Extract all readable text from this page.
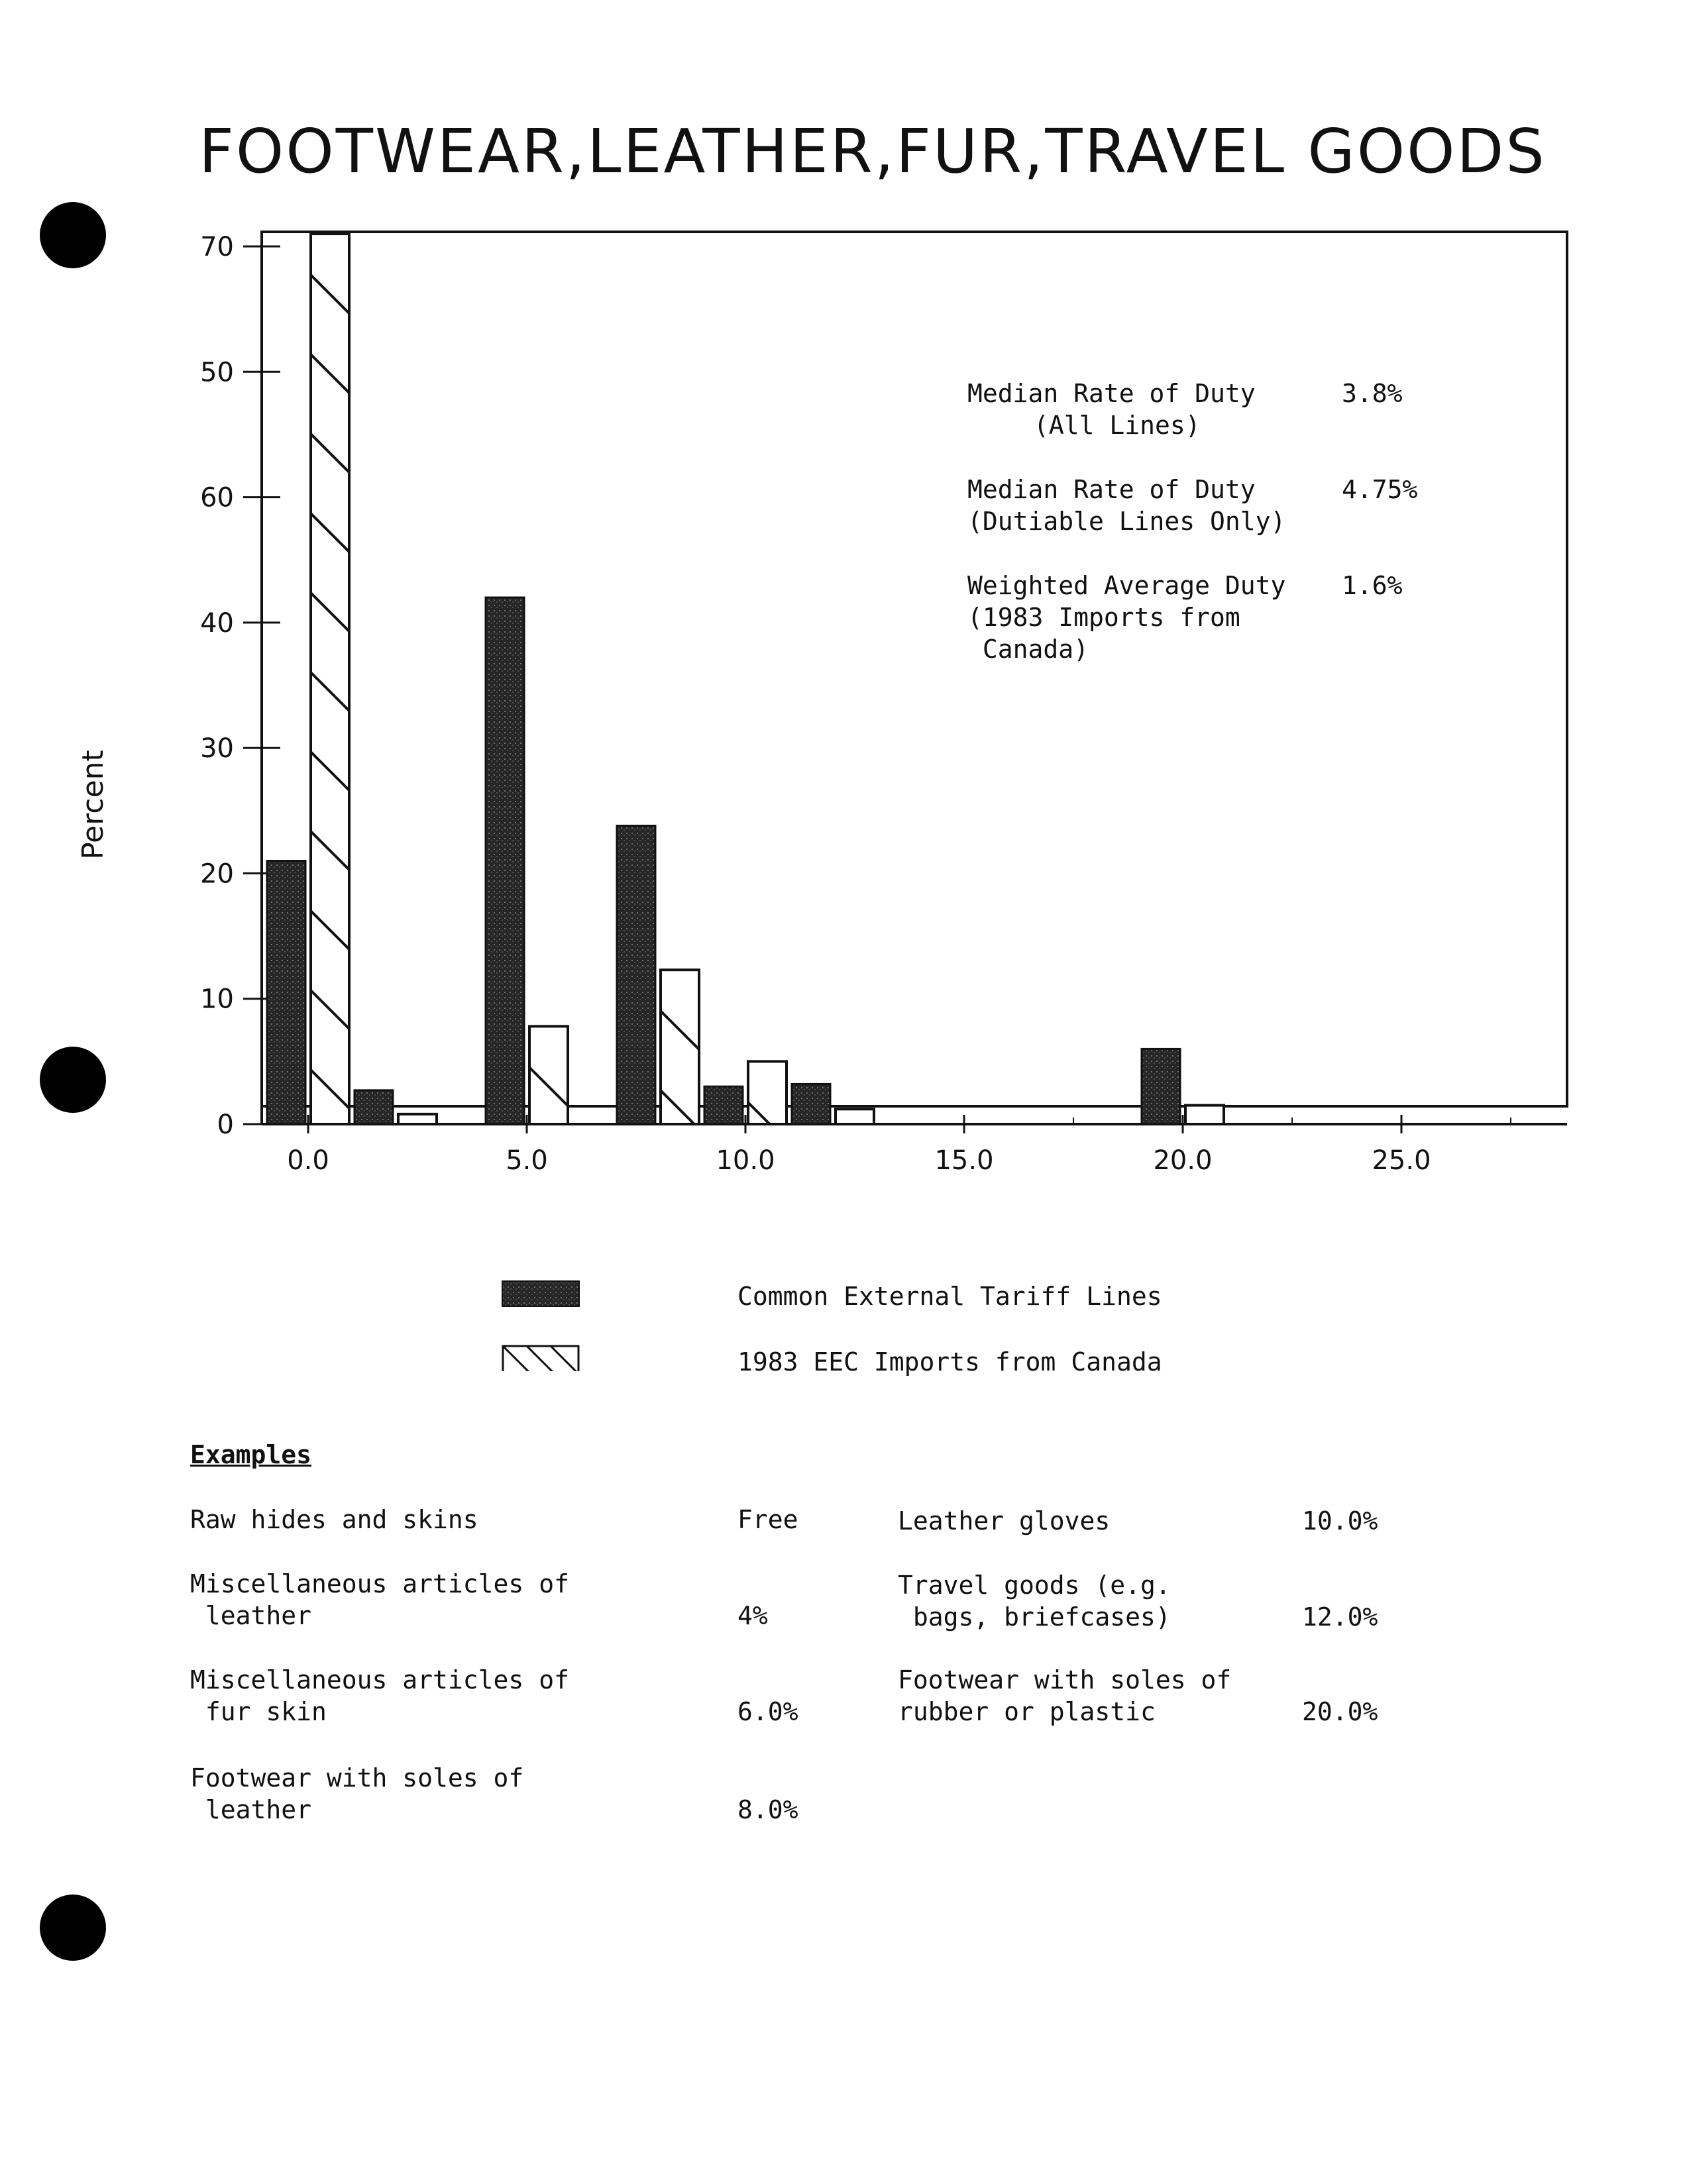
FOOTWEAR,LEATHER,FUR,TRAVEL GOODS
0
10
20
30
40
60
50
70
0.0	5.0	10.0	15.0	20.0	25.0
Percent
Median Rate of Duty
(All Lines)
3.8%
Median Rate of Duty
(Dutiable Lines Only)
4.75%
Weighted Average Duty
(1983 Imports from
Canada)
1.6%
Common External Tariff Lines
1983 EEC Imports from Canada
Examples
Raw hides and skins	Free
Miscellaneous articles of
leather	4%
Miscellaneous articles of
fur skin	6.0%
Footwear with soles of
leather	8.0%
Leather gloves	10.0%
Travel goods (e.g.
bags, briefcases)	12.0%
Footwear with soles of
rubber or plastic	20.0%
